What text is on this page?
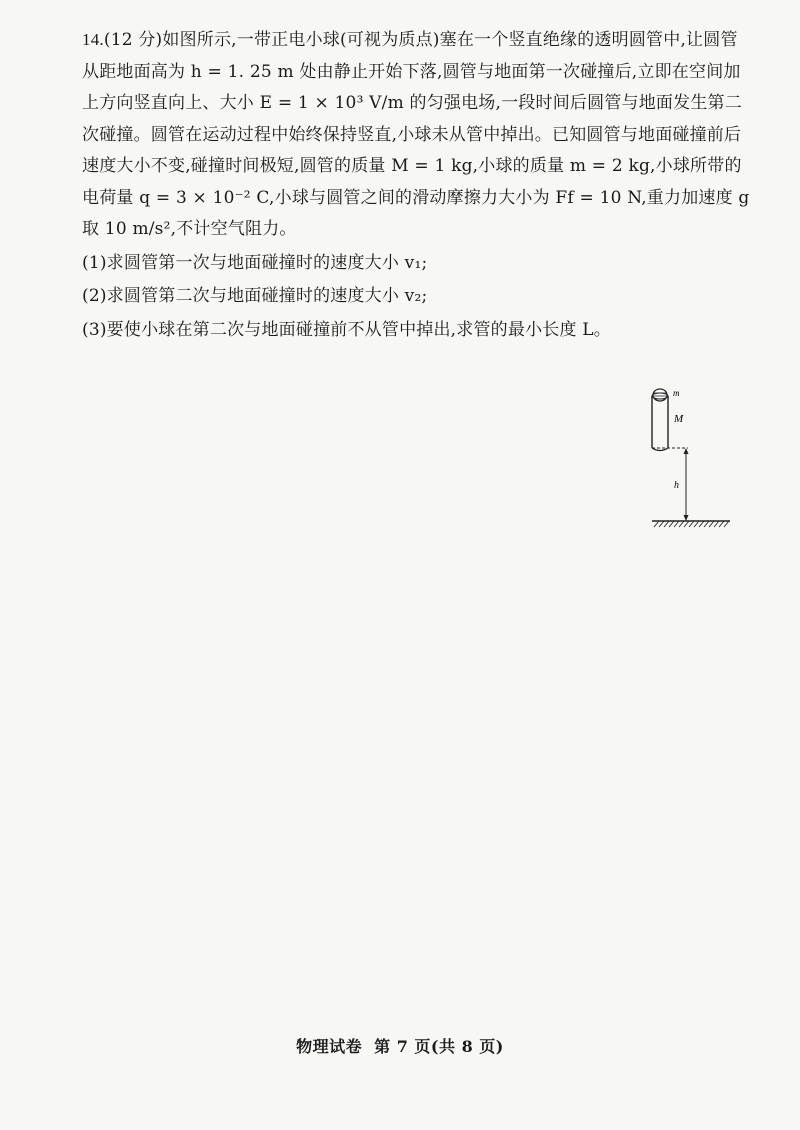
14.(12 分)如图所示,一带正电小球(可视为质点)塞在一个竖直绝缘的透明圆管中,让圆管从距地面高为 h = 1. 25 m 处由静止开始下落,圆管与地面第一次碰撞后,立即在空间加上方向竖直向上、大小 E = 1 × 10³ V/m 的匀强电场,一段时间后圆管与地面发生第二次碰撞。圆管在运动过程中始终保持竖直,小球未从管中掉出。已知圆管与地面碰撞前后速度大小不变,碰撞时间极短,圆管的质量 M = 1 kg,小球的质量 m = 2 kg,小球所带的电荷量 q = 3 × 10⁻² C,小球与圆管之间的滑动摩擦力大小为 Ff = 10 N,重力加速度 g 取 10 m/s²,不计空气阻力。

(1)求圆管第一次与地面碰撞时的速度大小 v₁;

(2)求圆管第二次与地面碰撞时的速度大小 v₂;

(3)要使小球在第二次与地面碰撞前不从管中掉出,求管的最小长度 L。

m
M
h
物理试卷 第 7 页(共 8 页)
